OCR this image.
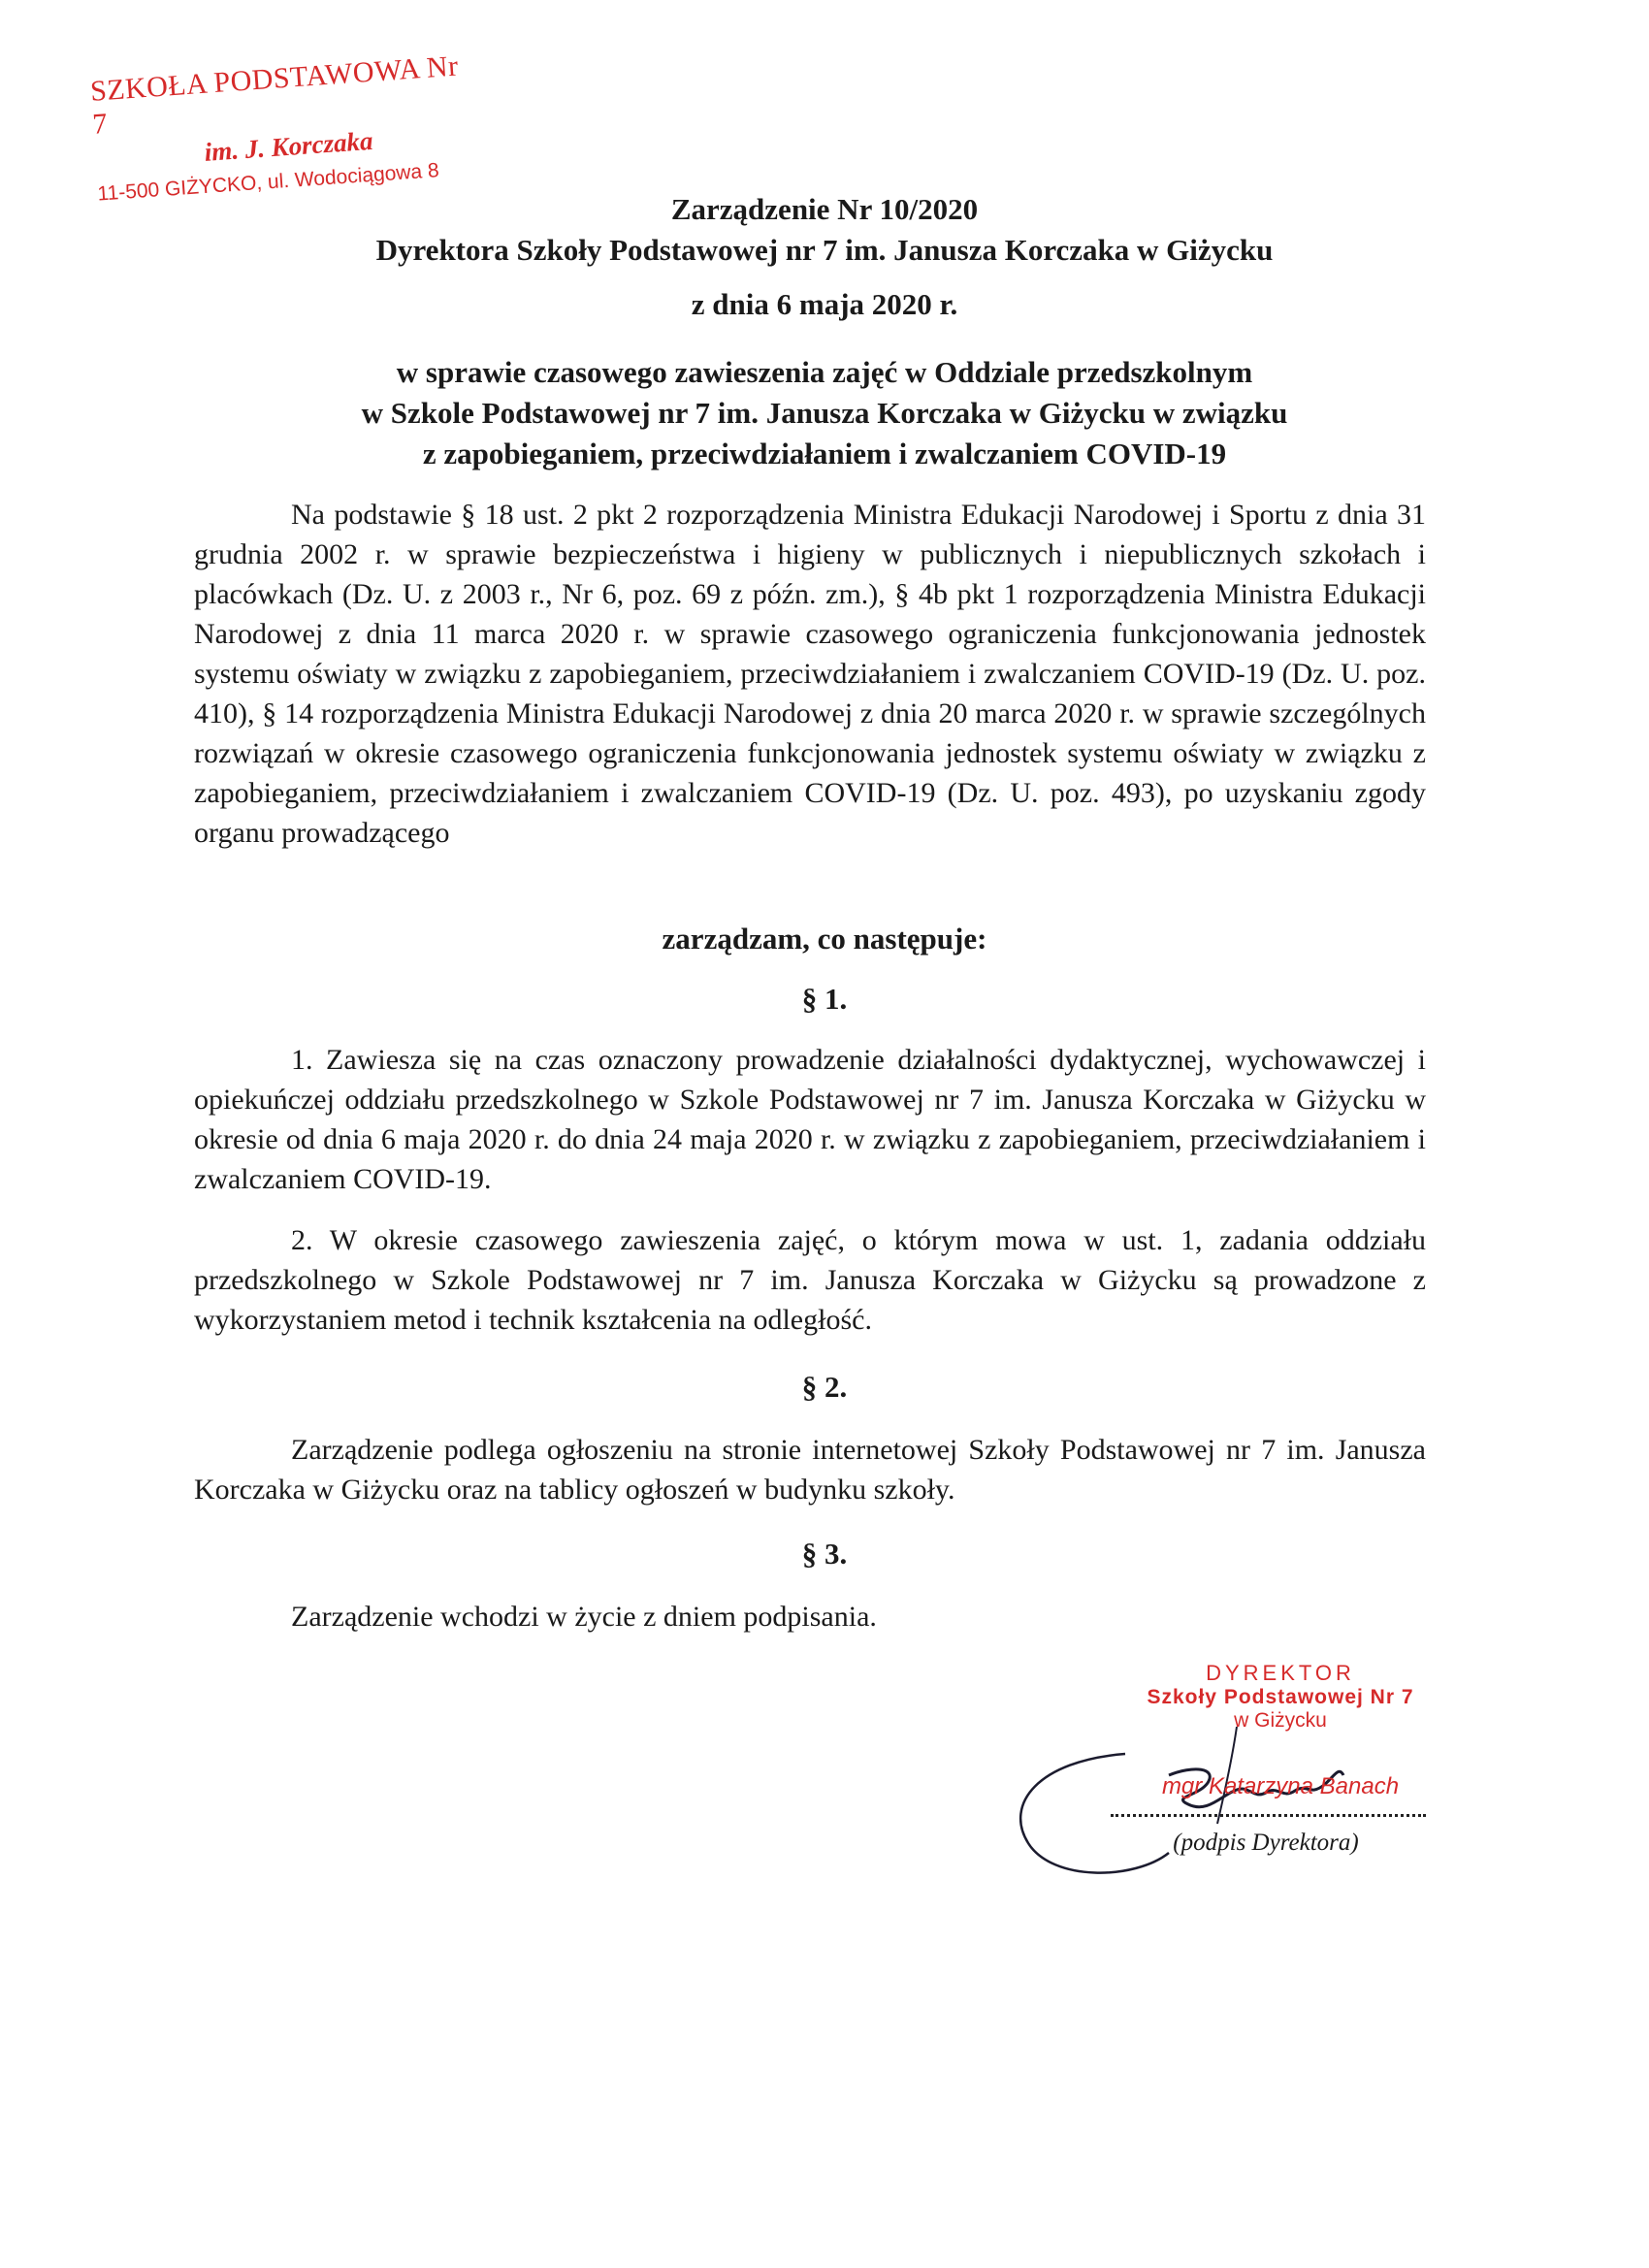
SZKOŁA PODSTAWOWA Nr 7
im. J. Korczaka
11-500 GIŻYCKO, ul. Wodociągowa 8
Zarządzenie Nr 10/2020
Dyrektora Szkoły Podstawowej nr 7 im. Janusza Korczaka w Giżycku
z dnia 6 maja 2020 r.
w sprawie czasowego zawieszenia zajęć w Oddziale przedszkolnym
w Szkole Podstawowej nr 7 im. Janusza Korczaka w Giżycku w związku
z zapobieganiem, przeciwdziałaniem i zwalczaniem COVID-19
Na podstawie § 18 ust. 2 pkt 2 rozporządzenia Ministra Edukacji Narodowej i Sportu z dnia 31 grudnia 2002 r. w sprawie bezpieczeństwa i higieny w publicznych i niepublicznych szkołach i placówkach (Dz. U. z 2003 r., Nr 6, poz. 69 z późn. zm.), § 4b pkt 1 rozporządzenia Ministra Edukacji Narodowej z dnia 11 marca 2020 r. w sprawie czasowego ograniczenia funkcjonowania jednostek systemu oświaty w związku z zapobieganiem, przeciwdziałaniem i zwalczaniem COVID-19 (Dz. U. poz. 410), § 14 rozporządzenia Ministra Edukacji Narodowej z dnia 20 marca 2020 r. w sprawie szczególnych rozwiązań w okresie czasowego ograniczenia funkcjonowania jednostek systemu oświaty w związku z zapobieganiem, przeciwdziałaniem i zwalczaniem COVID-19 (Dz. U. poz. 493), po uzyskaniu zgody organu prowadzącego
zarządzam, co następuje:
§ 1.
1. Zawiesza się na czas oznaczony prowadzenie działalności dydaktycznej, wychowawczej i opiekuńczej oddziału przedszkolnego w Szkole Podstawowej nr 7 im. Janusza Korczaka w Giżycku w okresie od dnia 6 maja 2020 r. do dnia 24 maja 2020 r. w związku z zapobieganiem, przeciwdziałaniem i zwalczaniem COVID-19.
2. W okresie czasowego zawieszenia zajęć, o którym mowa w ust. 1, zadania oddziału przedszkolnego w Szkole Podstawowej nr 7 im. Janusza Korczaka w Giżycku są prowadzone z wykorzystaniem metod i technik kształcenia na odległość.
§ 2.
Zarządzenie podlega ogłoszeniu na stronie internetowej Szkoły Podstawowej nr 7 im. Janusza Korczaka w Giżycku oraz na tablicy ogłoszeń w budynku szkoły.
§ 3.
Zarządzenie wchodzi w życie z dniem podpisania.
DYREKTOR
Szkoły Podstawowej Nr 7
w Giżycku
mgr Katarzyna Banach
(podpis Dyrektora)
